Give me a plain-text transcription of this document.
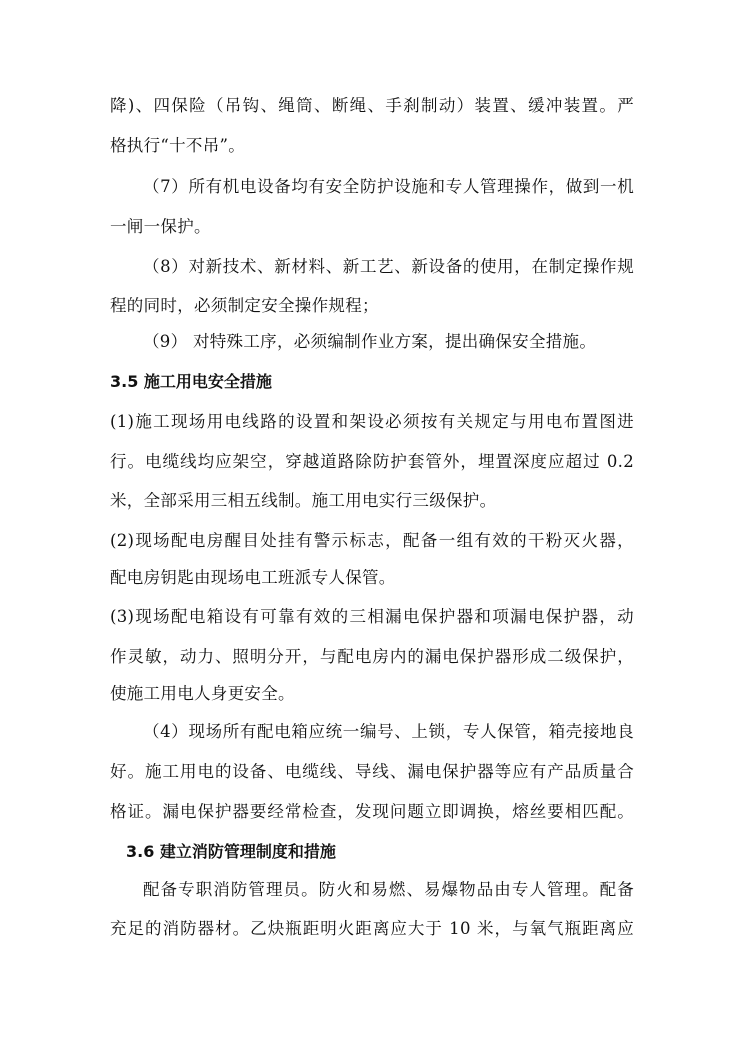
降)、四保险（吊钩、绳筒、断绳、手刹制动）装置、缓冲装置。严
格执行“十不吊”。
（7）所有机电设备均有安全防护设施和专人管理操作，做到一机
一闸一保护。
（8）对新技术、新材料、新工艺、新设备的使用，在制定操作规
程的同时，必须制定安全操作规程；
（9） 对特殊工序，必须编制作业方案，提出确保安全措施。
3.5 施工用电安全措施
(1)施工现场用电线路的设置和架设必须按有关规定与用电布置图进
行。电缆线均应架空，穿越道路除防护套管外，埋置深度应超过 0.2
米，全部采用三相五线制。施工用电实行三级保护。
(2)现场配电房醒目处挂有警示标志，配备一组有效的干粉灭火器，
配电房钥匙由现场电工班派专人保管。
(3)现场配电箱设有可靠有效的三相漏电保护器和项漏电保护器，动
作灵敏，动力、照明分开，与配电房内的漏电保护器形成二级保护，
使施工用电人身更安全。
（4）现场所有配电箱应统一编号、上锁，专人保管，箱壳接地良
好。施工用电的设备、电缆线、导线、漏电保护器等应有产品质量合
格证。漏电保护器要经常检查，发现问题立即调换，熔丝要相匹配。
3.6 建立消防管理制度和措施
配备专职消防管理员。防火和易燃、易爆物品由专人管理。配备
充足的消防器材。乙炔瓶距明火距离应大于 10 米，与氧气瓶距离应
